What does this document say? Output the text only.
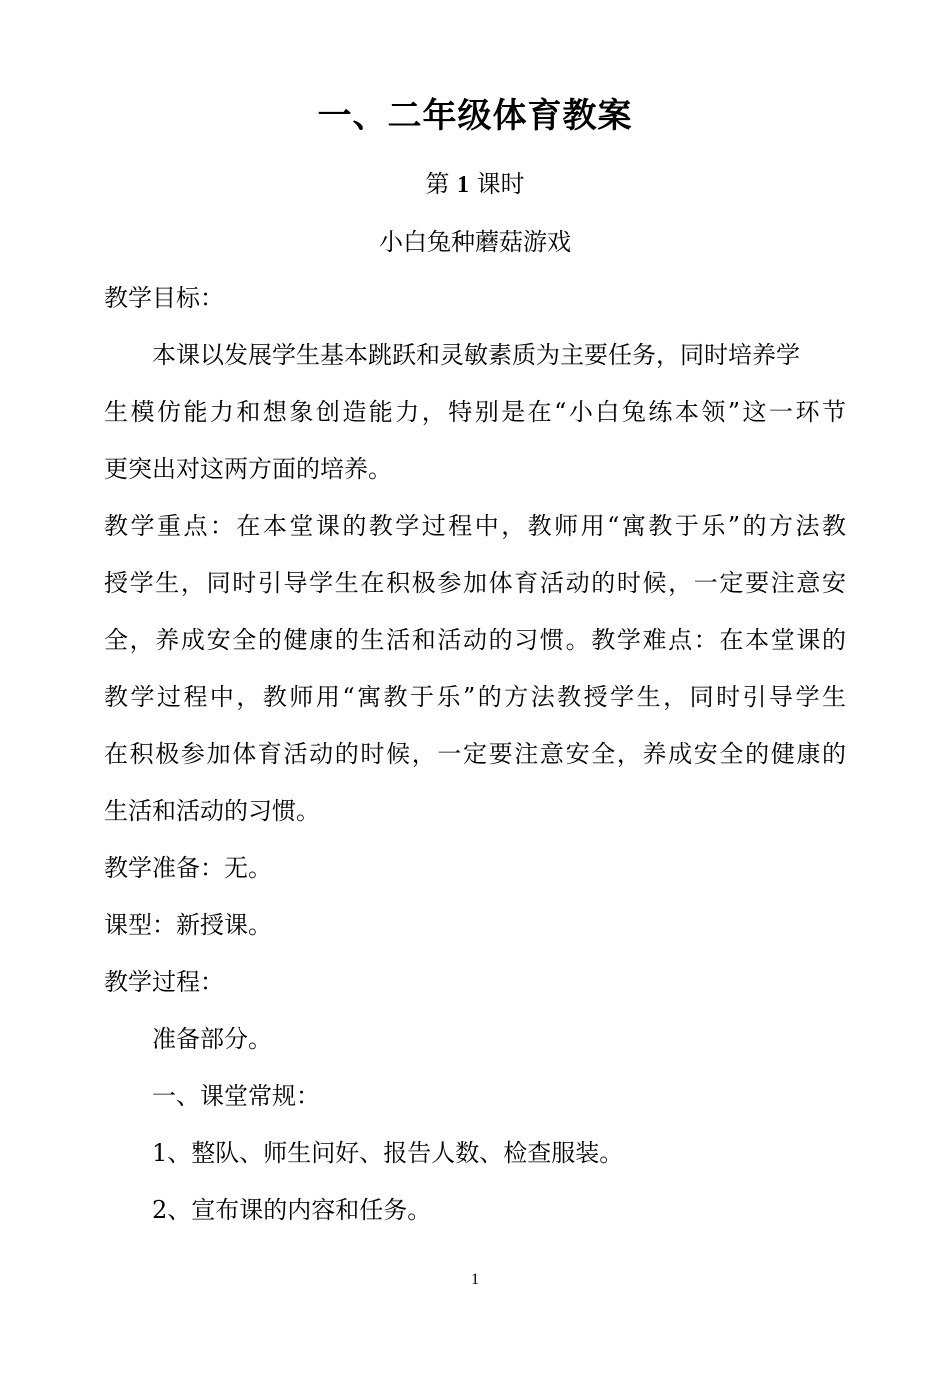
一、二年级体育教案
第 1 课时
小白兔种蘑菇游戏
教学目标：
本课以发展学生基本跳跃和灵敏素质为主要任务，同时培养学
生模仿能力和想象创造能力，特别是在“小白兔练本领”这一环节
更突出对这两方面的培养。
教学重点：在本堂课的教学过程中，教师用“寓教于乐”的方法教
授学生，同时引导学生在积极参加体育活动的时候，一定要注意安
全，养成安全的健康的生活和活动的习惯。教学难点：在本堂课的
教学过程中，教师用“寓教于乐”的方法教授学生，同时引导学生
在积极参加体育活动的时候，一定要注意安全，养成安全的健康的
生活和活动的习惯。
教学准备：无。
课型：新授课。
教学过程：
准备部分。
一、课堂常规：
1、整队、师生问好、报告人数、检查服装。
2、宣布课的内容和任务。
1
